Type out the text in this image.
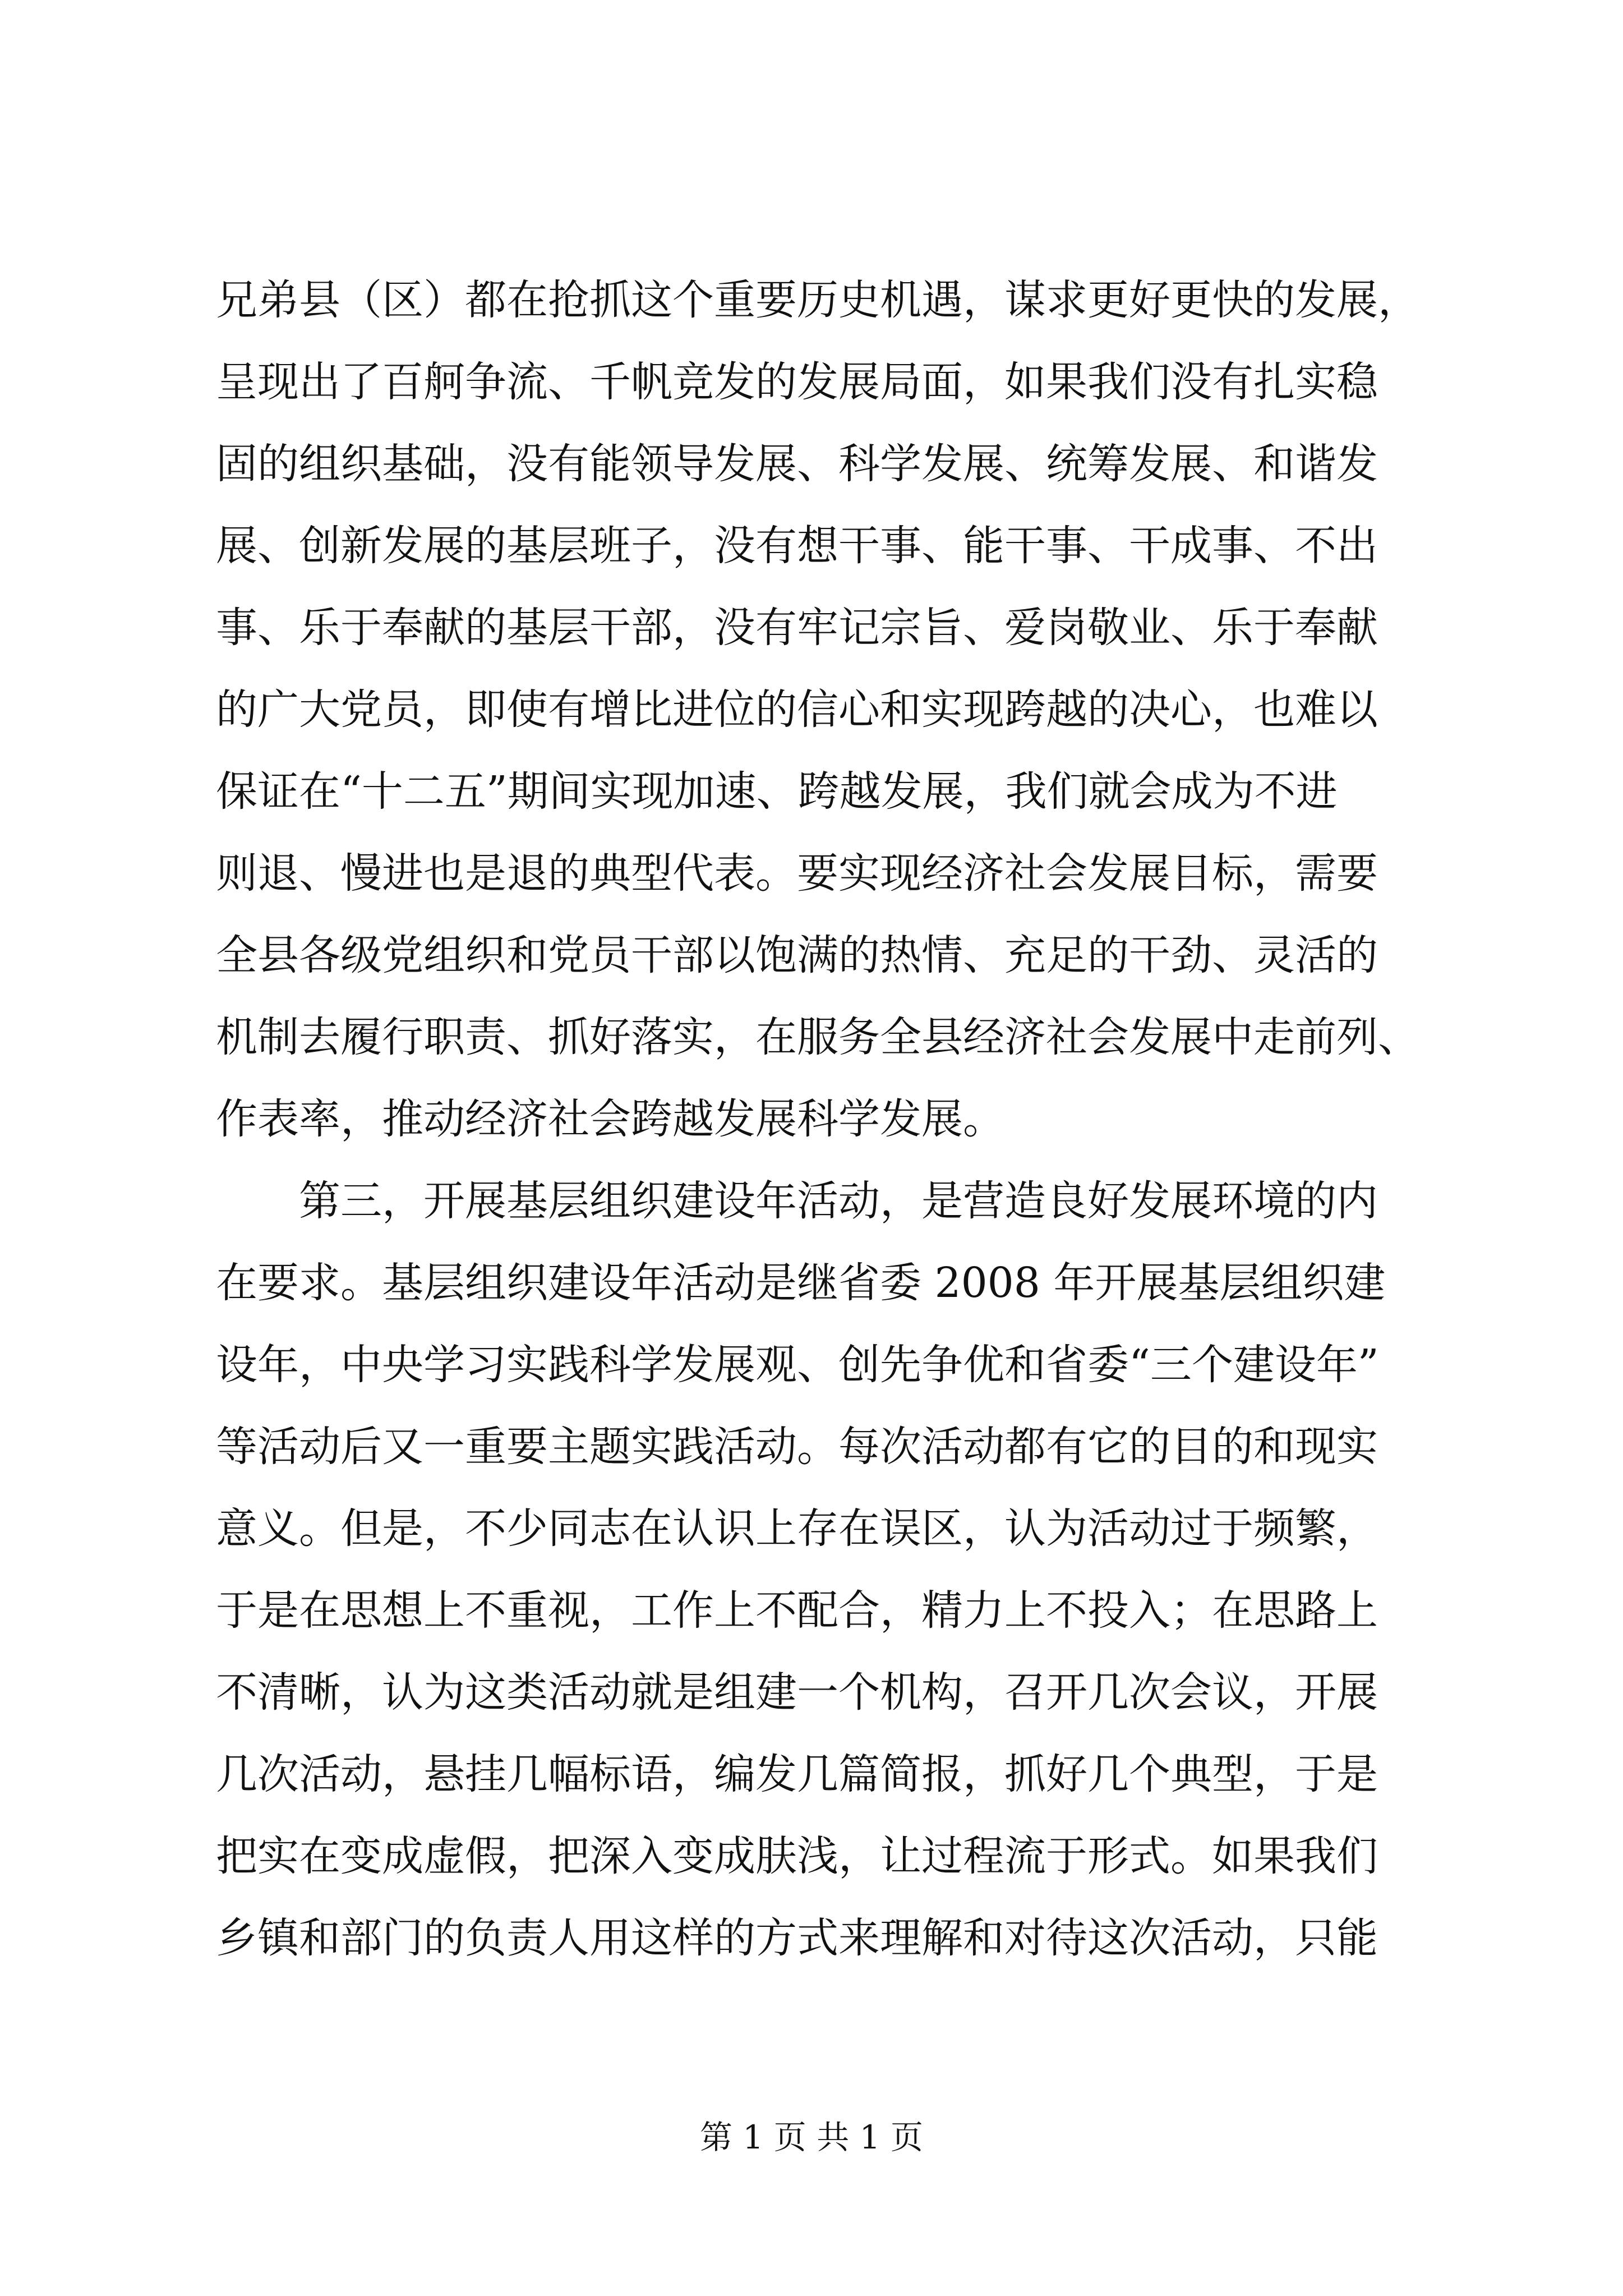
兄弟县（区）都在抢抓这个重要历史机遇，谋求更好更快的发展，
呈现出了百舸争流、千帆竞发的发展局面，如果我们没有扎实稳
固的组织基础，没有能领导发展、科学发展、统筹发展、和谐发
展、创新发展的基层班子，没有想干事、能干事、干成事、不出
事、乐于奉献的基层干部，没有牢记宗旨、爱岗敬业、乐于奉献
的广大党员，即使有增比进位的信心和实现跨越的决心，也难以
保证在“十二五”期间实现加速、跨越发展，我们就会成为不进
则退、慢进也是退的典型代表。要实现经济社会发展目标，需要
全县各级党组织和党员干部以饱满的热情、充足的干劲、灵活的
机制去履行职责、抓好落实，在服务全县经济社会发展中走前列、
作表率，推动经济社会跨越发展科学发展。
第三，开展基层组织建设年活动，是营造良好发展环境的内
在要求。基层组织建设年活动是继省委 2008 年开展基层组织建
设年，中央学习实践科学发展观、创先争优和省委“三个建设年”
等活动后又一重要主题实践活动。每次活动都有它的目的和现实
意义。但是，不少同志在认识上存在误区，认为活动过于频繁，
于是在思想上不重视，工作上不配合，精力上不投入；在思路上
不清晰，认为这类活动就是组建一个机构，召开几次会议，开展
几次活动，悬挂几幅标语，编发几篇简报，抓好几个典型，于是
把实在变成虚假，把深入变成肤浅，让过程流于形式。如果我们
乡镇和部门的负责人用这样的方式来理解和对待这次活动，只能
第 1 页 共 1 页
